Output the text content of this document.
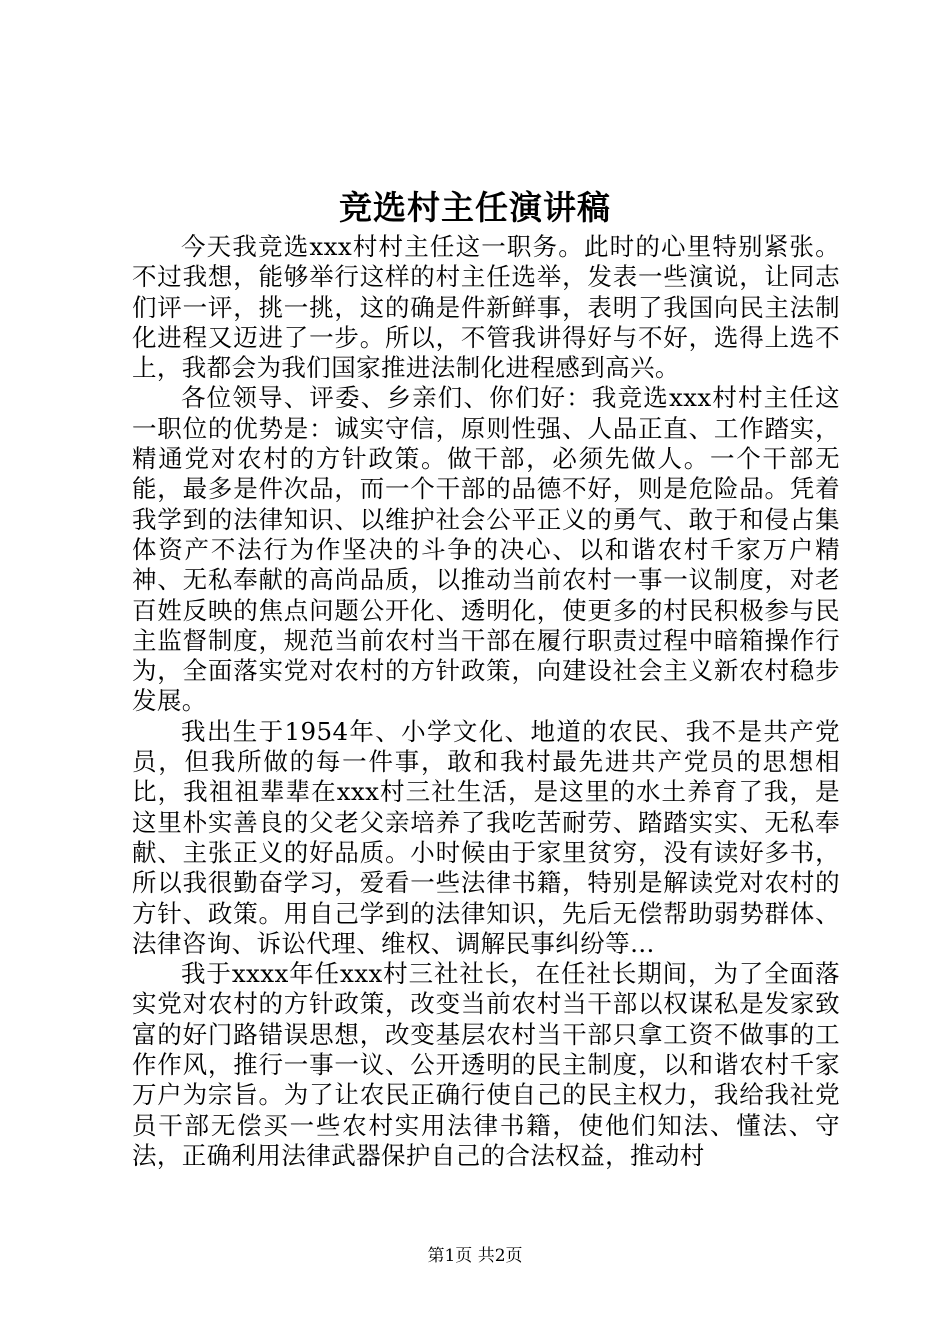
竞选村主任演讲稿

今天我竞选xxx村村主任这一职务。此时的心里特别紧张。不过我想，能够举行这样的村主任选举，发表一些演说，让同志们评一评，挑一挑，这的确是件新鲜事，表明了我国向民主法制化进程又迈进了一步。所以，不管我讲得好与不好，选得上选不上，我都会为我们国家推进法制化进程感到高兴。

各位领导、评委、乡亲们、你们好：我竞选xxx村村主任这一职位的优势是：诚实守信，原则性强、人品正直、工作踏实，精通党对农村的方针政策。做干部，必须先做人。一个干部无能，最多是件次品，而一个干部的品德不好，则是危险品。凭着我学到的法律知识、以维护社会公平正义的勇气、敢于和侵占集体资产不法行为作坚决的斗争的决心、以和谐农村千家万户精神、无私奉献的高尚品质，以推动当前农村一事一议制度，对老百姓反映的焦点问题公开化、透明化，使更多的村民积极参与民主监督制度，规范当前农村当干部在履行职责过程中暗箱操作行为，全面落实党对农村的方针政策，向建设社会主义新农村稳步发展。

我出生于1954年、小学文化、地道的农民、我不是共产党员，但我所做的每一件事，敢和我村最先进共产党员的思想相比，我祖祖辈辈在xxx村三社生活，是这里的水土养育了我，是这里朴实善良的父老父亲培养了我吃苦耐劳、踏踏实实、无私奉献、主张正义的好品质。小时候由于家里贫穷，没有读好多书，所以我很勤奋学习，爱看一些法律书籍，特别是解读党对农村的方针、政策。用自己学到的法律知识，先后无偿帮助弱势群体、法律咨询、诉讼代理、维权、调解民事纠纷等…

我于xxxx年任xxx村三社社长，在任社长期间，为了全面落实党对农村的方针政策，改变当前农村当干部以权谋私是发家致富的好门路错误思想，改变基层农村当干部只拿工资不做事的工作作风，推行一事一议、公开透明的民主制度，以和谐农村千家万户为宗旨。为了让农民正确行使自己的民主权力，我给我社党员干部无偿买一些农村实用法律书籍，使他们知法、懂法、守法，正确利用法律武器保护自己的合法权益，推动村

第1页 共2页
